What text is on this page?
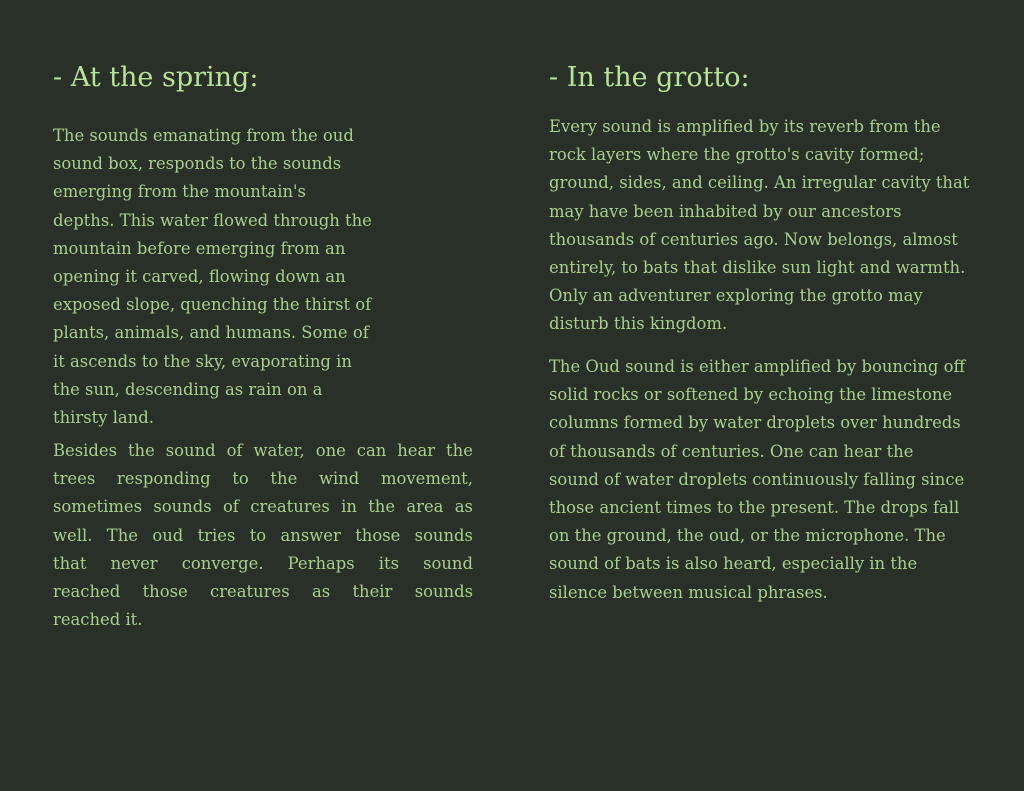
- At the spring:

The sounds emanating from the oud
sound box, responds to the sounds
emerging from the mountain's
depths. This water flowed through the
mountain before emerging from an
opening it carved, flowing down an
exposed slope, quenching the thirst of
plants, animals, and humans. Some of
it ascends to the sky, evaporating in
the sun, descending as rain on a
thirsty land.

Besides the sound of water, one can hear the
trees responding to the wind movement,
sometimes sounds of creatures in the area as
well. The oud tries to answer those sounds
that never converge. Perhaps its sound
reached those creatures as their sounds
reached it.

- In the grotto:

Every sound is amplified by its reverb from the
rock layers where the grotto's cavity formed;
ground, sides, and ceiling. An irregular cavity that
may have been inhabited by our ancestors
thousands of centuries ago. Now belongs, almost
entirely, to bats that dislike sun light and warmth.
Only an adventurer exploring the grotto may
disturb this kingdom.

The Oud sound is either amplified by bouncing off
solid rocks or softened by echoing the limestone
columns formed by water droplets over hundreds
of thousands of centuries. One can hear the
sound of water droplets continuously falling since
those ancient times to the present. The drops fall
on the ground, the oud, or the microphone. The
sound of bats is also heard, especially in the
silence between musical phrases.
